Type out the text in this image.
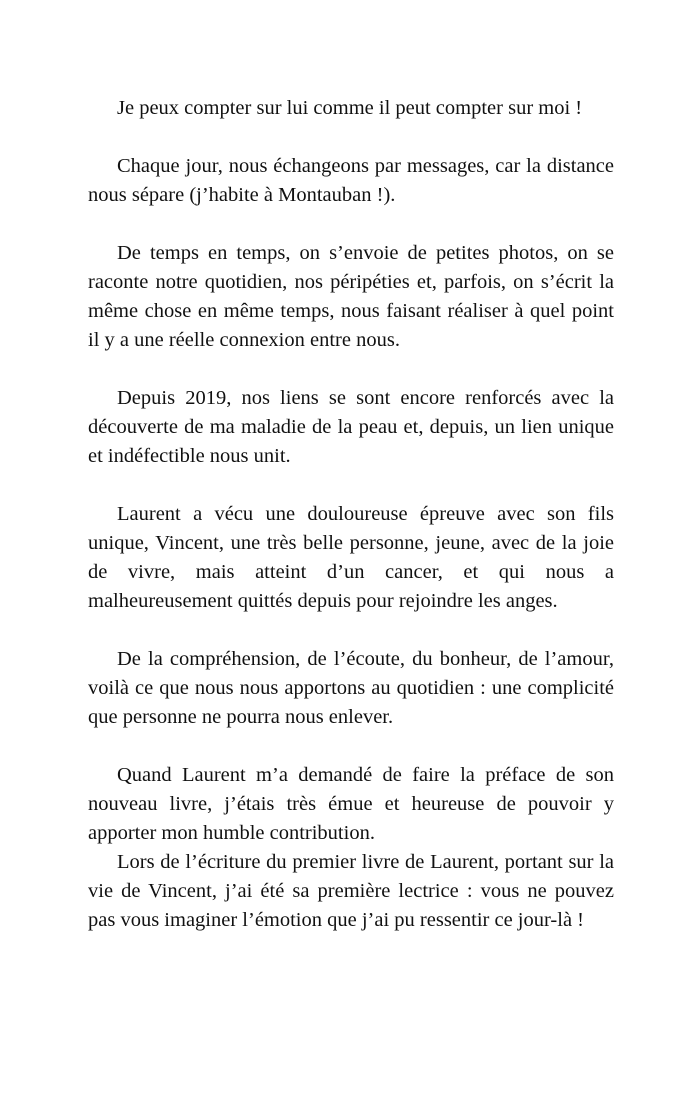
Je peux compter sur lui comme il peut compter sur moi !

Chaque jour, nous échangeons par messages, car la distance nous sépare (j’habite à Montauban !).

De temps en temps, on s’envoie de petites photos, on se raconte notre quotidien, nos péripéties et, parfois, on s’écrit la même chose en même temps, nous faisant réaliser à quel point il y a une réelle connexion entre nous.

Depuis 2019, nos liens se sont encore renforcés avec la découverte de ma maladie de la peau et, depuis, un lien unique et indéfectible nous unit.

Laurent a vécu une douloureuse épreuve avec son fils unique, Vincent, une très belle personne, jeune, avec de la joie de vivre, mais atteint d’un cancer, et qui nous a malheureusement quittés depuis pour rejoindre les anges.

De la compréhension, de l’écoute, du bonheur, de l’amour, voilà ce que nous nous apportons au quotidien : une complicité que personne ne pourra nous enlever.

Quand Laurent m’a demandé de faire la préface de son nouveau livre, j’étais très émue et heureuse de pouvoir y apporter mon humble contribution.

Lors de l’écriture du premier livre de Laurent, portant sur la vie de Vincent, j’ai été sa première lectrice : vous ne pouvez pas vous imaginer l’émotion que j’ai pu ressentir ce jour-là !
